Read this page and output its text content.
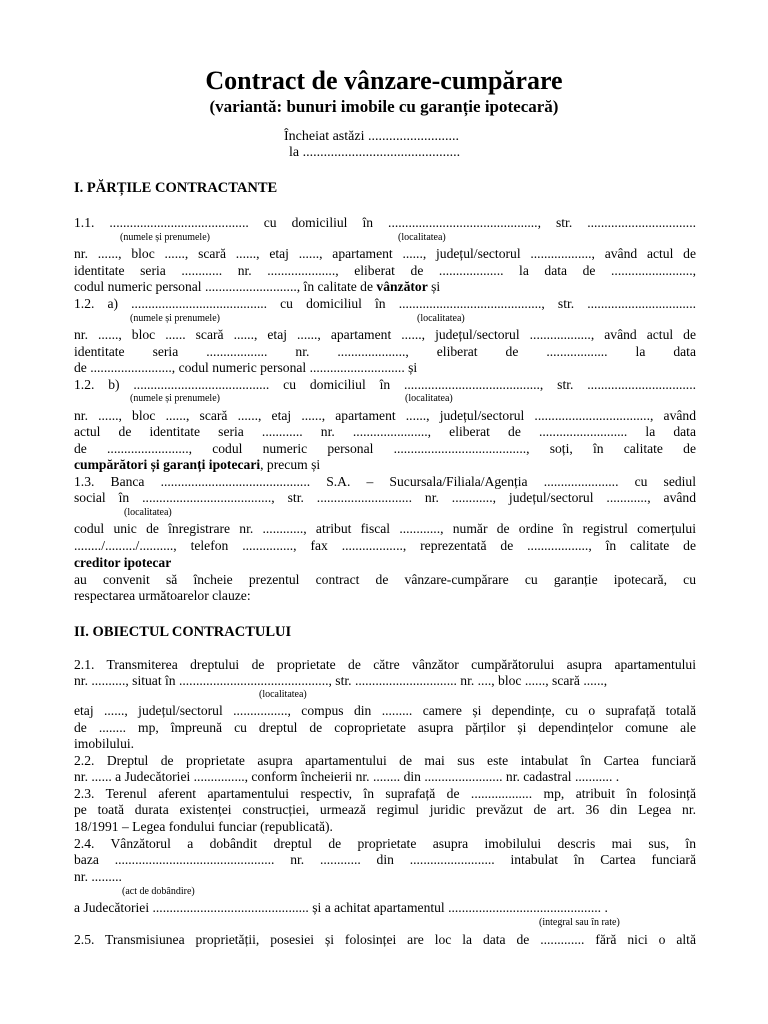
Contract de vânzare-cumpărare
(variantă: bunuri imobile cu garanție ipotecară)
Încheiat astăzi ..........................
la .............................................
I. PĂRȚILE CONTRACTANTE
1.1. ......................................... cu domiciliul în ............................................, str. ................................
(numele și prenumele)	(localitatea)
nr. ......, bloc ......, scară ......, etaj ......, apartament ......, județul/sectorul .................., având actul de
identitate seria ............ nr. ...................., eliberat de ................... la data de ........................,
codul numeric personal ..........................., în calitate de vânzător și
1.2. a) ........................................ cu domiciliul în .........................................., str. ................................
(numele și prenumele)	(localitatea)
nr. ......, bloc ...... scară ......, etaj ......, apartament ......, județul/sectorul .................., având actul de
identitate seria .................. nr. ...................., eliberat de .................. la data
de ........................, codul numeric personal ............................ și
1.2. b) ........................................ cu domiciliul în ........................................, str. ................................
(numele și prenumele)	(localitatea)
nr. ......, bloc ......, scară ......, etaj ......, apartament ......, județul/sectorul .................................., având
actul de identitate seria ............ nr. ......................, eliberat de .......................... la data
de ........................, codul numeric personal ......................................., soți, în calitate de
cumpărători și garanți ipotecari, precum și
1.3. Banca ............................................ S.A. – Sucursala/Filiala/Agenția ...................... cu sediul
social în ......................................, str. ............................ nr. ............, județul/sectorul ............, având
(localitatea)
codul unic de înregistrare nr. ............, atribut fiscal ............, număr de ordine în registrul comerțului
......../........./.........., telefon ..............., fax .................., reprezentată de .................., în calitate de
creditor ipotecar
au convenit să încheie prezentul contract de vânzare-cumpărare cu garanție ipotecară, cu
respectarea următoarelor clauze:
II. OBIECTUL CONTRACTULUI
2.1. Transmiterea dreptului de proprietate de către vânzător cumpărătorului asupra apartamentului
nr. .........., situat în ............................................, str. .............................. nr. ...., bloc ......, scară ......,
(localitatea)
etaj ......, județul/sectorul ................, compus din ......... camere și dependințe, cu o suprafață totală
de ........ mp, împreună cu dreptul de coproprietate asupra părților și dependințelor comune ale
imobilului.
2.2. Dreptul de proprietate asupra apartamentului de mai sus este intabulat în Cartea funciară
nr. ...... a Judecătoriei ..............., conform încheierii nr. ........ din ....................... nr. cadastral ........... .
2.3. Terenul aferent apartamentului respectiv, în suprafață de .................. mp, atribuit în folosință
pe toată durata existenței construcției, urmează regimul juridic prevăzut de art. 36 din Legea nr.
18/1991 – Legea fondului funciar (republicată).
2.4. Vânzătorul a dobândit dreptul de proprietate asupra imobilului descris mai sus, în
baza ............................................... nr. ............ din ......................... intabulat în Cartea funciară
nr. .........
(act de dobândire)
a Judecătoriei .............................................. și a achitat apartamentul ............................................. .
(integral sau în rate)
2.5. Transmisiunea proprietății, posesiei și folosinței are loc la data de ............. fără nici o altă
